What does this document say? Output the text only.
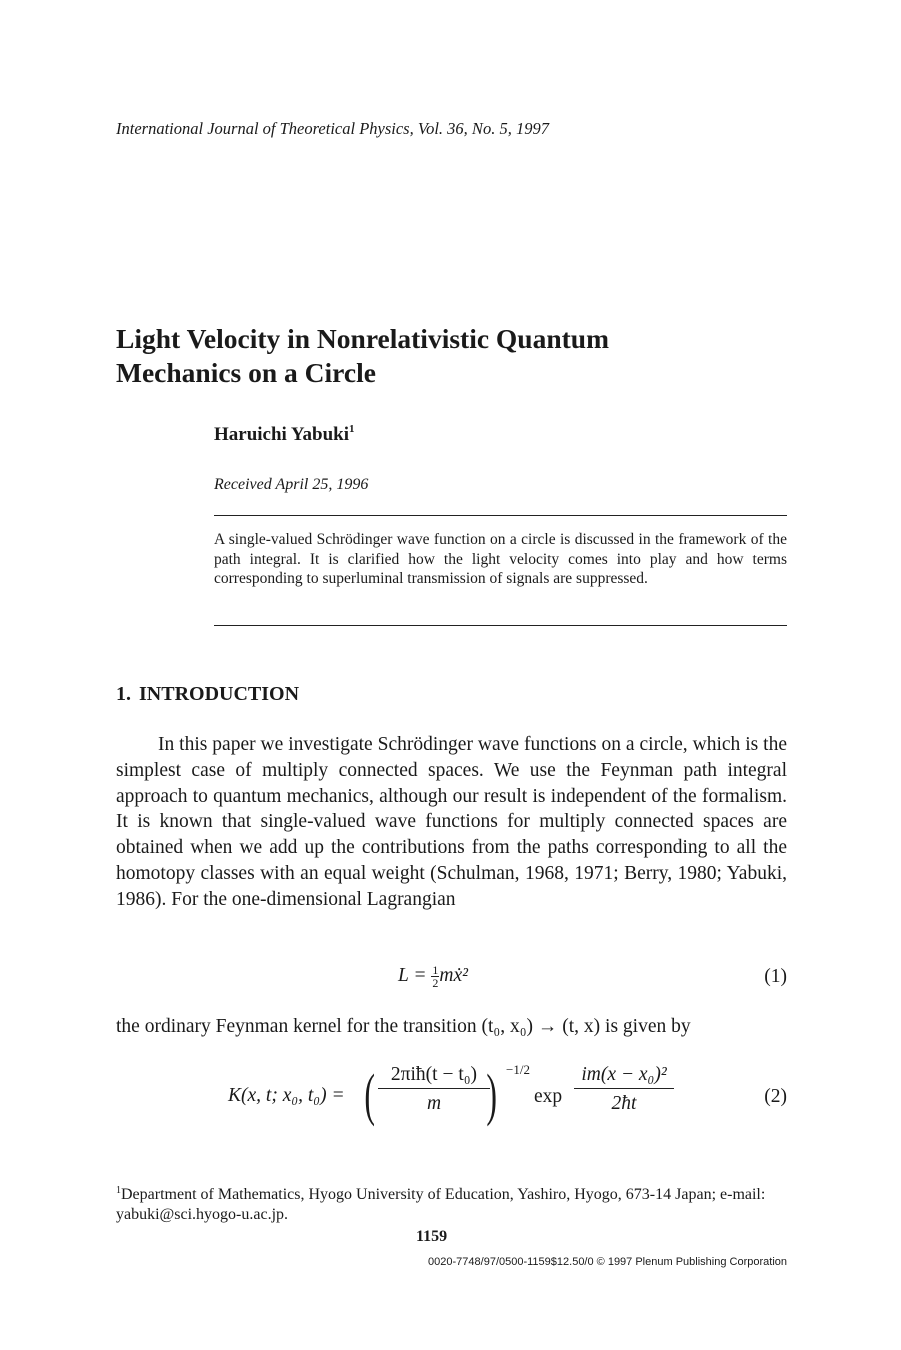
International Journal of Theoretical Physics, Vol. 36, No. 5, 1997
Light Velocity in Nonrelativistic Quantum
Mechanics on a Circle
Haruichi Yabuki$^1$
Received April 25, 1996
A single-valued Schrödinger wave function on a circle is discussed in the framework of the path integral. It is clarified how the light velocity comes into play and how terms corresponding to superluminal transmission of signals are suppressed.
1. INTRODUCTION
In this paper we investigate Schrödinger wave functions on a circle, which is the simplest case of multiply connected spaces. We use the Feynman path integral approach to quantum mechanics, although our result is independent of the formalism. It is known that single-valued wave functions for multiply connected spaces are obtained when we add up the contributions from the paths corresponding to all the homotopy classes with an equal weight (Schulman, 1968, 1971; Berry, 1980; Yabuki, 1986). For the one-dimensional Lagrangian
$L = \frac{1}{2}$ mẋ²	(1)
the ordinary Feynman kernel for the transition (t₀, x₀) → (t, x) is given by
K(x, t; x₀, t₀) = ( 2πiħ(t − t₀)
m ) −1/2
$\exp \frac{\text{im(x − x₀)²}}{2ħt}$	(2)
$^1$Department of Mathematics, Hyogo University of Education, Yashiro, Hyogo, 673-14 Japan; e-mail: yabuki@sci.hyogo-u.ac.jp.
1159
0020-7748/97/0500-1159$12.50/0 © 1997 Plenum Publishing Corporation
